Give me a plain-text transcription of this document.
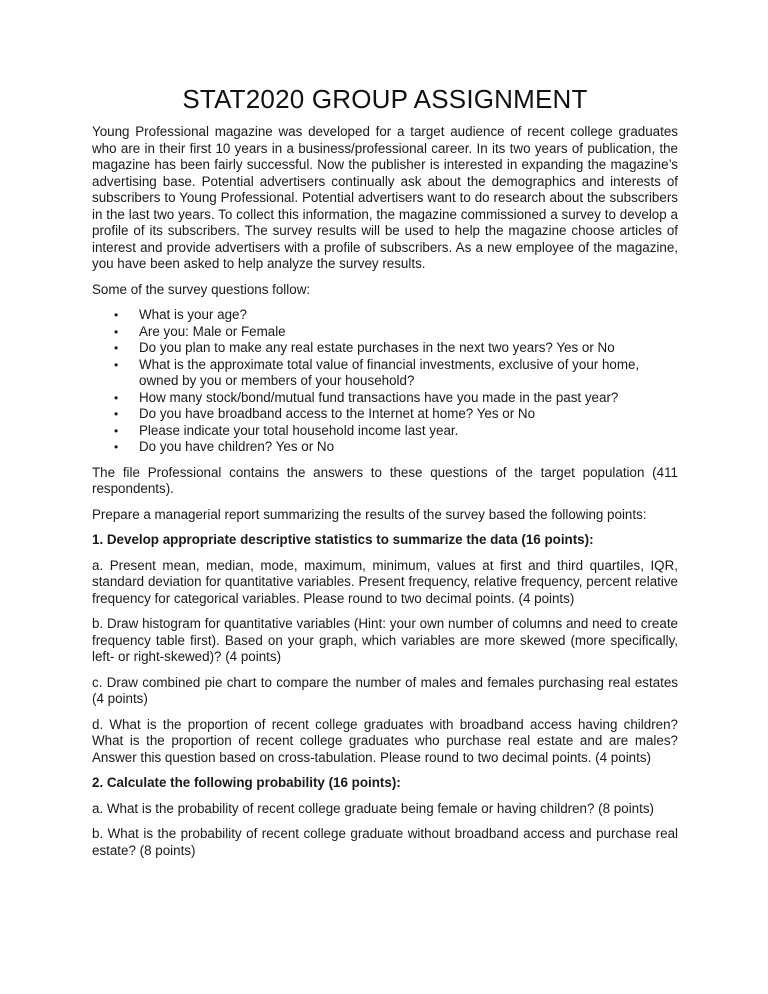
STAT2020 GROUP ASSIGNMENT

Young Professional magazine was developed for a target audience of recent college graduates who are in their first 10 years in a business/professional career. In its two years of publication, the magazine has been fairly successful. Now the publisher is interested in expanding the magazine’s advertising base. Potential advertisers continually ask about the demographics and interests of subscribers to Young Professional. Potential advertisers want to do research about the subscribers in the last two years. To collect this information, the magazine commissioned a survey to develop a profile of its subscribers. The survey results will be used to help the magazine choose articles of interest and provide advertisers with a profile of subscribers. As a new employee of the magazine, you have been asked to help analyze the survey results.

Some of the survey questions follow:

• What is your age?
• Are you: Male or Female
• Do you plan to make any real estate purchases in the next two years? Yes or No
• What is the approximate total value of financial investments, exclusive of your home, owned by you or members of your household?
• How many stock/bond/mutual fund transactions have you made in the past year?
• Do you have broadband access to the Internet at home? Yes or No
• Please indicate your total household income last year.
• Do you have children? Yes or No

The file Professional contains the answers to these questions of the target population (411 respondents).

Prepare a managerial report summarizing the results of the survey based the following points:

1. Develop appropriate descriptive statistics to summarize the data (16 points):

a. Present mean, median, mode, maximum, minimum, values at first and third quartiles, IQR, standard deviation for quantitative variables. Present frequency, relative frequency, percent relative frequency for categorical variables. Please round to two decimal points. (4 points)

b. Draw histogram for quantitative variables (Hint: your own number of columns and need to create frequency table first). Based on your graph, which variables are more skewed (more specifically, left- or right-skewed)? (4 points)

c. Draw combined pie chart to compare the number of males and females purchasing real estates (4 points)

d. What is the proportion of recent college graduates with broadband access having children? What is the proportion of recent college graduates who purchase real estate and are males? Answer this question based on cross-tabulation. Please round to two decimal points. (4 points)

2. Calculate the following probability (16 points):

a. What is the probability of recent college graduate being female or having children? (8 points)

b. What is the probability of recent college graduate without broadband access and purchase real estate? (8 points)
